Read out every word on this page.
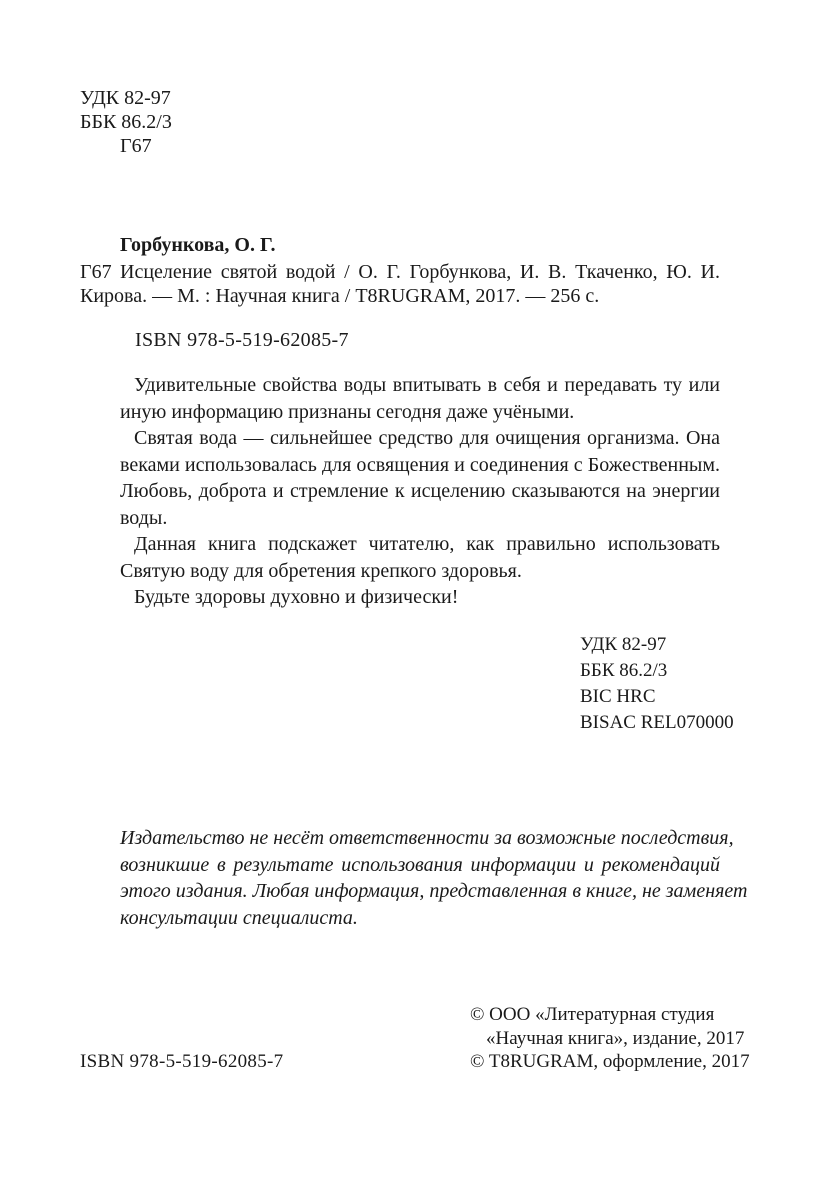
УДК 82-97
ББК 86.2/3
Г67
Горбункова, О. Г.
Г67 Исцеление святой водой / О. Г. Горбункова, И. В. Ткаченко, Ю. И.
Кирова. — М. : Научная книга / T8RUGRAM, 2017. — 256 с.
ISBN 978-5-519-62085-7

Удивительные свойства воды впитывать в себя и передавать ту или иную информацию признаны сегодня даже учёными.

Святая вода — сильнейшее средство для очищения организма. Она веками использовалась для освящения и соединения с Божественным. Любовь, доброта и стремление к исцелению сказываются на энергии воды.

Данная книга подскажет читателю, как правильно использовать Святую воду для обретения крепкого здоровья.

Будьте здоровы духовно и физически!

УДК 82-97
ББК 86.2/3
BIC HRC
BISAC REL070000
Издательство не несёт ответственности за возможные последствия,
возникшие в результате использования информации и рекомендаций
этого издания. Любая информация, представленная в книге, не заменяет
консультации специалиста.
© ООО «Литературная студия
«Научная книга», издание, 2017
© T8RUGRAM, оформление, 2017
ISBN 978-5-519-62085-7
